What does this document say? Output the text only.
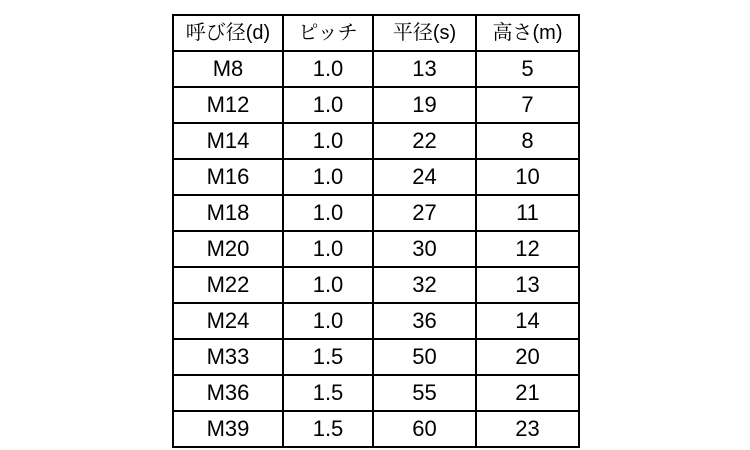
呼び径(d)	ピッチ	平径(s)	高さ(m)
M8	1.0	13	5
M12	1.0	19	7
M14	1.0	22	8
M16	1.0	24	10
M18	1.0	27	11
M20	1.0	30	12
M22	1.0	32	13
M24	1.0	36	14
M33	1.5	50	20
M36	1.5	55	21
M39	1.5	60	23
